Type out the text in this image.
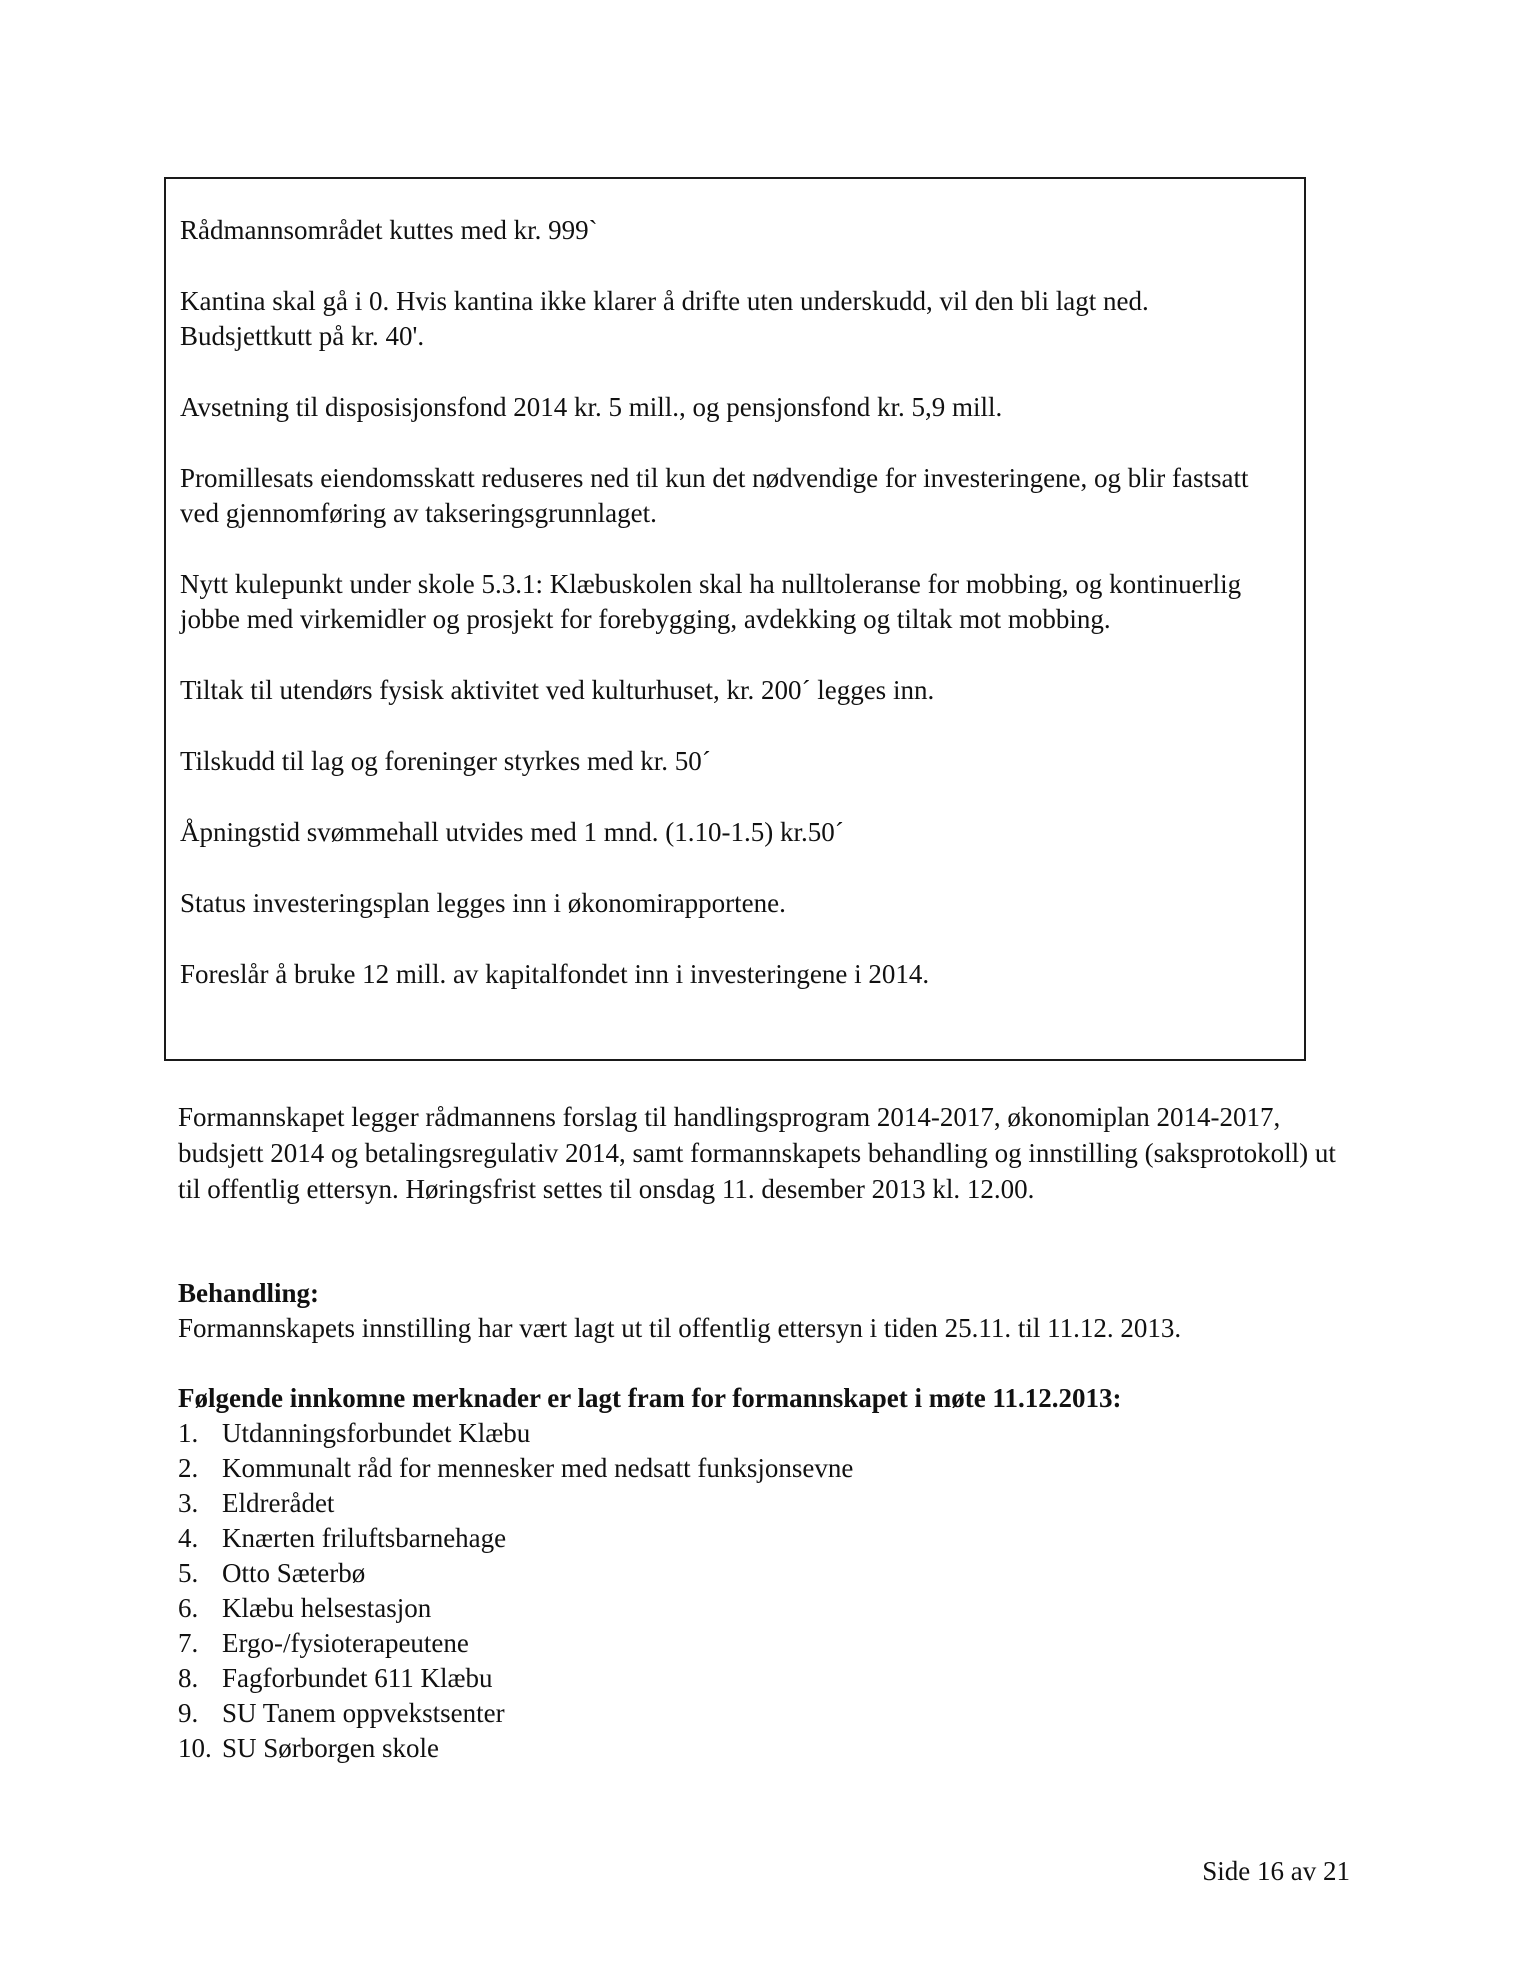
Rådmannsområdet kuttes med kr. 999`

Kantina skal gå i 0. Hvis kantina ikke klarer å drifte uten underskudd, vil den bli lagt ned. Budsjettkutt på kr. 40'.

Avsetning til disposisjonsfond 2014 kr. 5 mill., og pensjonsfond kr. 5,9 mill.

Promillesats eiendomsskatt reduseres ned til kun det nødvendige for investeringene, og blir fastsatt ved gjennomføring av takseringsgrunnlaget.

Nytt kulepunkt under skole 5.3.1: Klæbuskolen skal ha nulltoleranse for mobbing, og kontinuerlig jobbe med virkemidler og prosjekt for forebygging, avdekking og tiltak mot mobbing.

Tiltak til utendørs fysisk aktivitet ved kulturhuset, kr. 200´ legges inn.

Tilskudd til lag og foreninger styrkes med kr. 50´

Åpningstid svømmehall utvides med 1 mnd. (1.10-1.5) kr.50´

Status investeringsplan legges inn i økonomirapportene.

Foreslår å bruke 12 mill. av kapitalfondet inn i investeringene i 2014.

Formannskapet legger rådmannens forslag til handlingsprogram 2014-2017, økonomiplan 2014-2017, budsjett 2014 og betalingsregulativ 2014, samt formannskapets behandling og innstilling (saksprotokoll) ut til offentlig ettersyn. Høringsfrist settes til onsdag 11. desember 2013 kl. 12.00.

Behandling:
Formannskapets innstilling har vært lagt ut til offentlig ettersyn i tiden 25.11. til 11.12. 2013.
Følgende innkomne merknader er lagt fram for formannskapet i møte 11.12.2013:
1. Utdanningsforbundet Klæbu
2. Kommunalt råd for mennesker med nedsatt funksjonsevne
3. Eldrerådet
4. Knærten friluftsbarnehage
5. Otto Sæterbø
6. Klæbu helsestasjon
7. Ergo-/fysioterapeutene
8. Fagforbundet 611 Klæbu
9. SU Tanem oppvekstsenter
10. SU Sørborgen skole
Side 16 av 21
